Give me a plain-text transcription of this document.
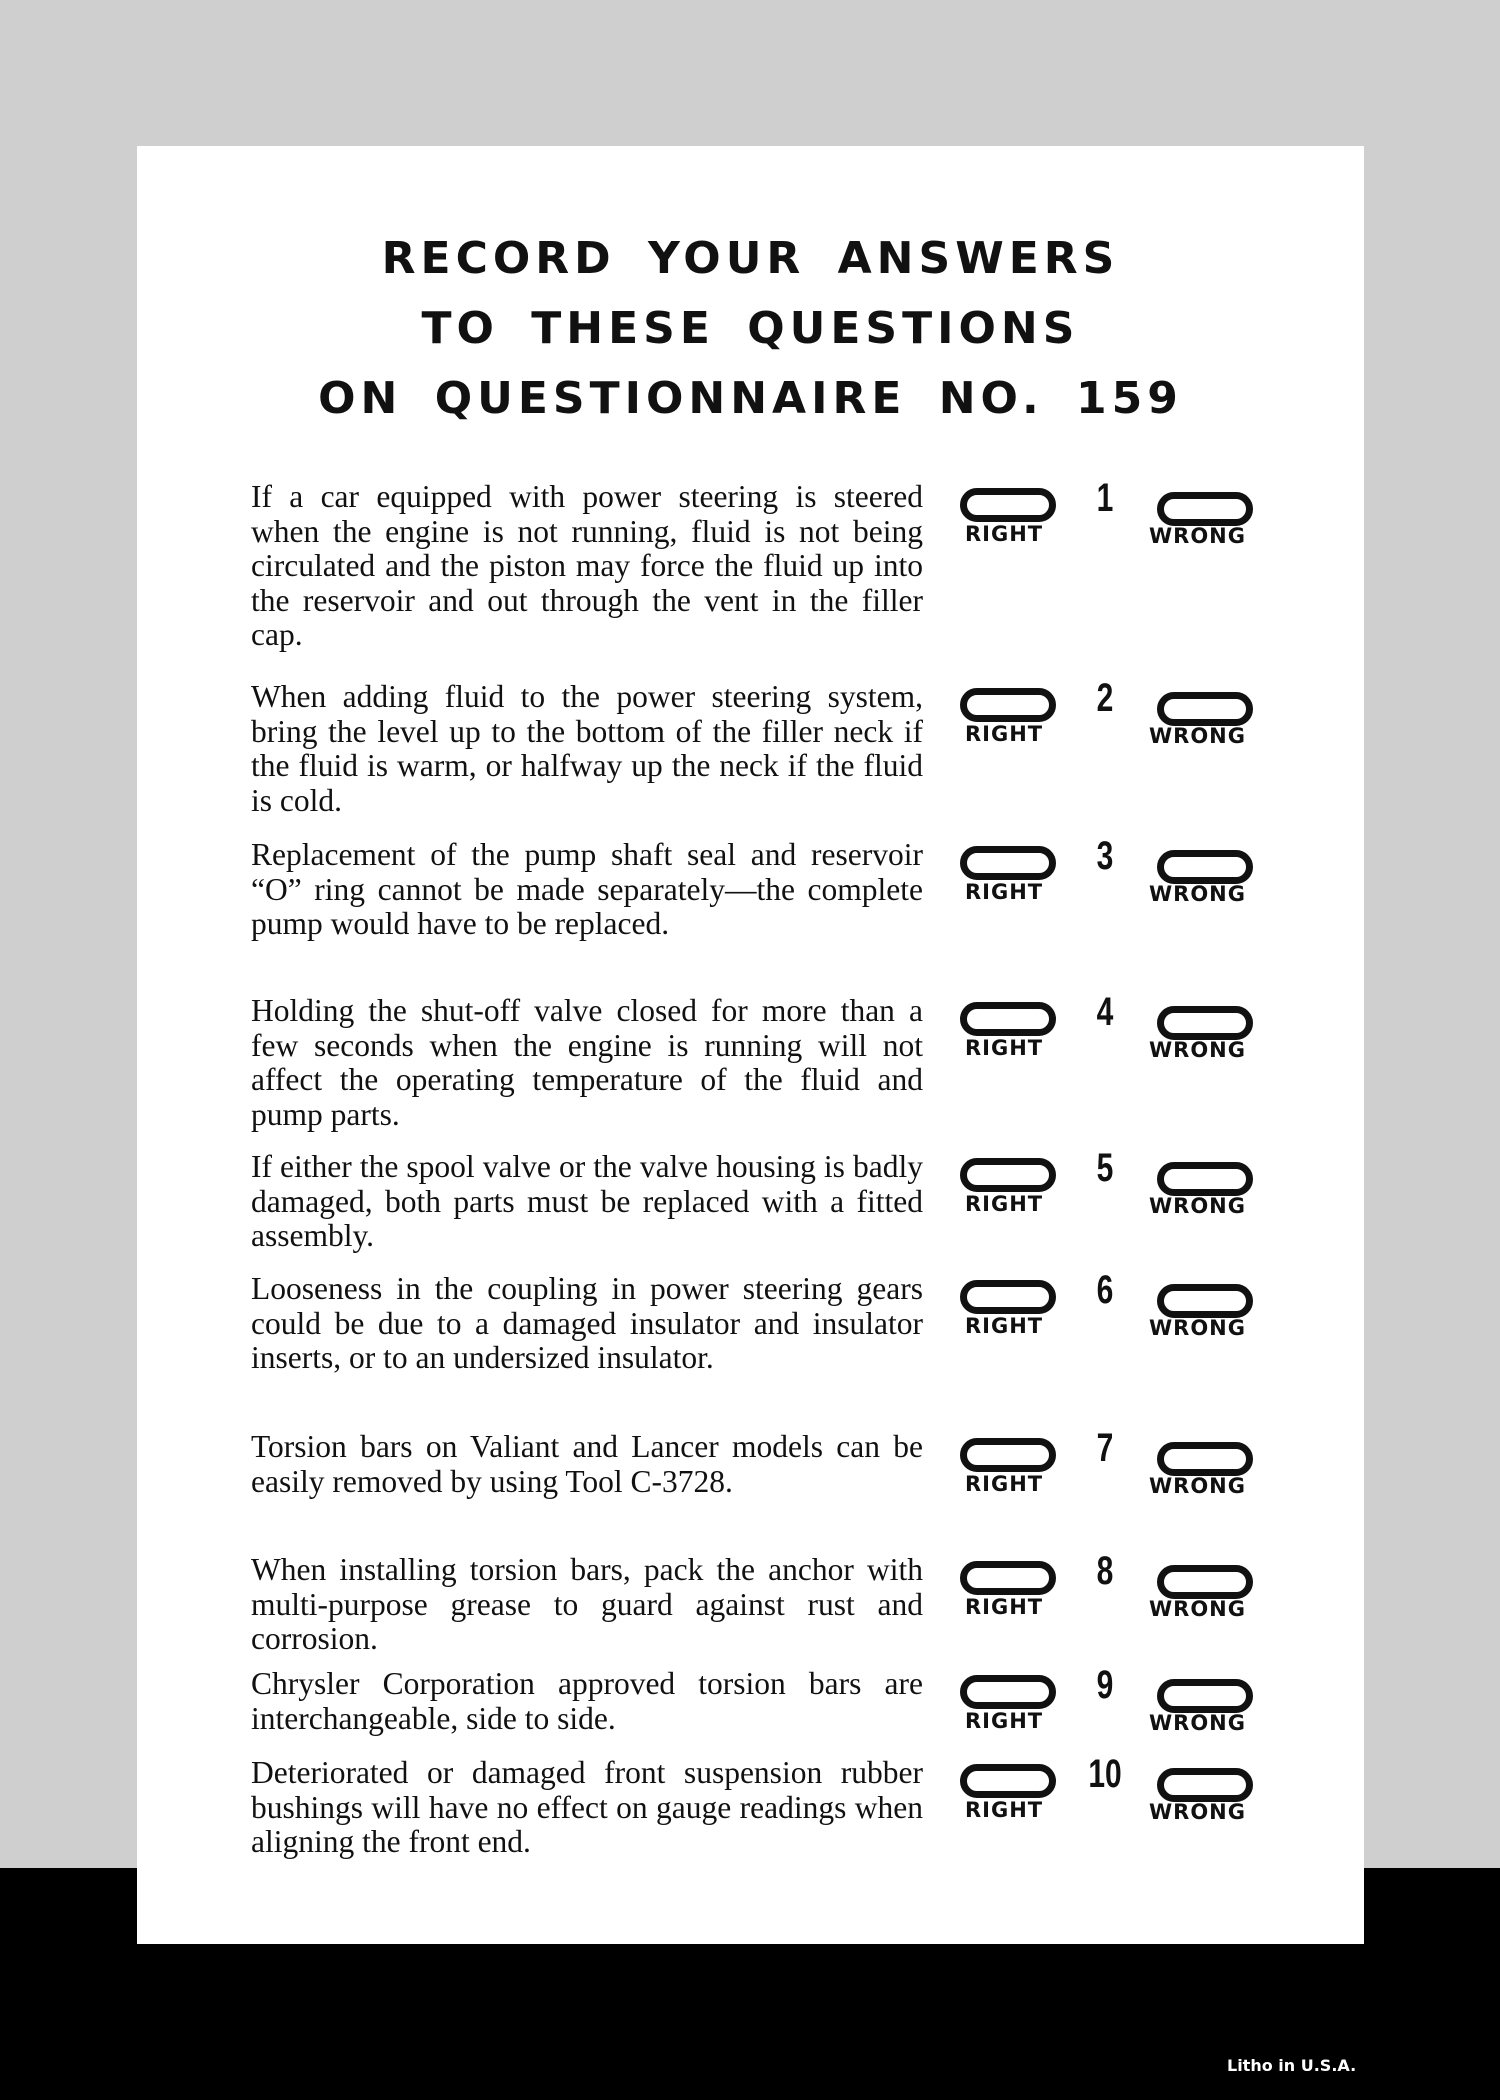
RECORD YOUR ANSWERS
TO THESE QUESTIONS
ON QUESTIONNAIRE NO. 159

If a car equipped with power steering is steered when the engine is not running, fluid is not being circulated and the piston may force the fluid up into the reservoir and out through the vent in the filler cap.

RIGHT
1
WRONG

When adding fluid to the power steering system, bring the level up to the bottom of the filler neck if the fluid is warm, or halfway up the neck if the fluid is cold.

RIGHT
2
WRONG

Replacement of the pump shaft seal and reservoir “O” ring cannot be made separately—the complete pump would have to be replaced.

RIGHT
3
WRONG

Holding the shut-off valve closed for more than a few seconds when the engine is running will not affect the operating temperature of the fluid and pump parts.

RIGHT
4
WRONG

If either the spool valve or the valve housing is badly damaged, both parts must be replaced with a fitted assembly.

RIGHT
5
WRONG

Looseness in the coupling in power steering gears could be due to a damaged insulator and insulator inserts, or to an undersized insulator.

RIGHT
6
WRONG

Torsion bars on Valiant and Lancer models can be easily removed by using Tool C-3728.	RIGHT
7
WRONG

When installing torsion bars, pack the anchor with multi-purpose grease to guard against rust and corrosion.

RIGHT
8
WRONG

Chrysler Corporation approved torsion bars are interchangeable, side to side.	RIGHT
9
WRONG

Deteriorated or damaged front suspension rubber bushings will have no effect on gauge readings when aligning the front end.

RIGHT
10
WRONG
Litho in U.S.A.
